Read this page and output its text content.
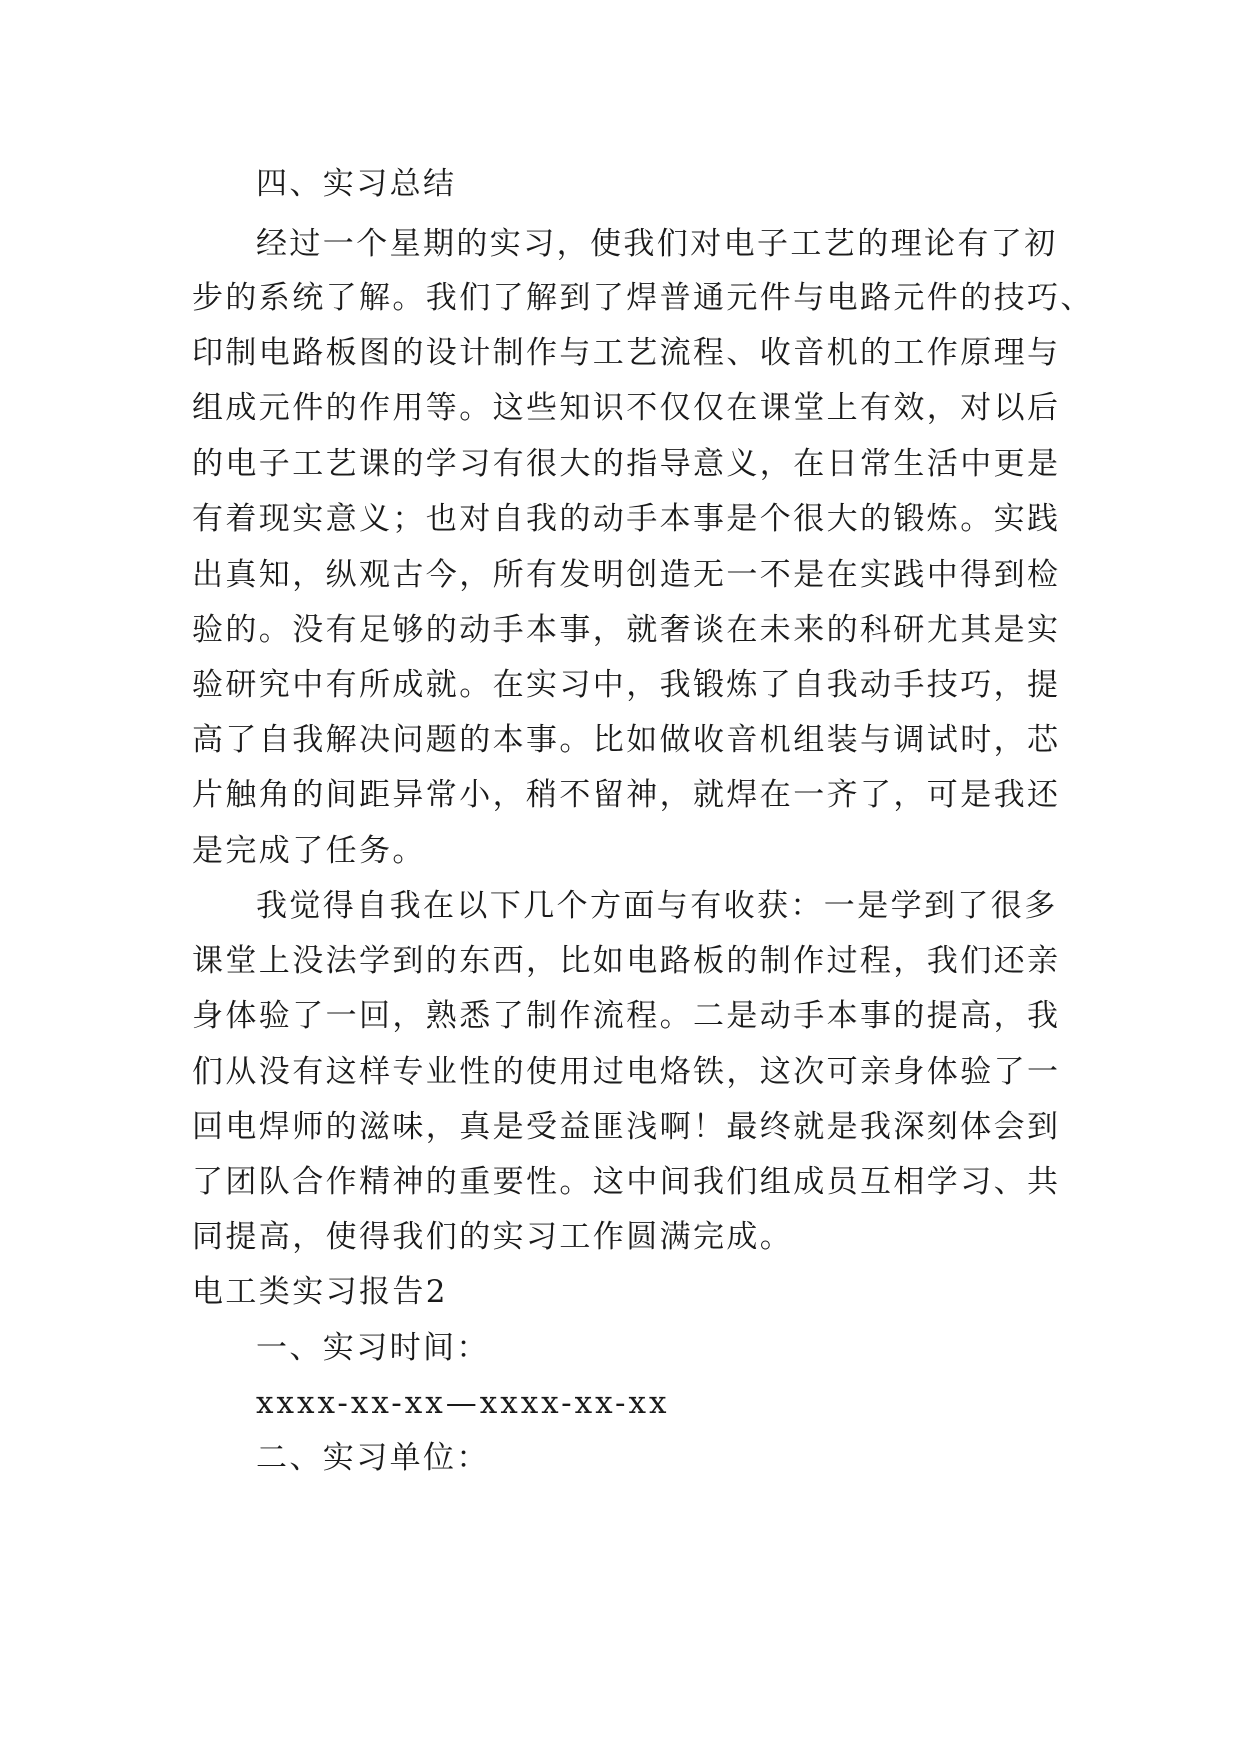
四、实习总结
经过一个星期的实习，使我们对电子工艺的理论有了初
步的系统了解。我们了解到了焊普通元件与电路元件的技巧、
印制电路板图的设计制作与工艺流程、收音机的工作原理与
组成元件的作用等。这些知识不仅仅在课堂上有效，对以后
的电子工艺课的学习有很大的指导意义，在日常生活中更是
有着现实意义；也对自我的动手本事是个很大的锻炼。实践
出真知，纵观古今，所有发明创造无一不是在实践中得到检
验的。没有足够的动手本事，就奢谈在未来的科研尤其是实
验研究中有所成就。在实习中，我锻炼了自我动手技巧，提
高了自我解决问题的本事。比如做收音机组装与调试时，芯
片触角的间距异常小，稍不留神，就焊在一齐了，可是我还
是完成了任务。
我觉得自我在以下几个方面与有收获：一是学到了很多
课堂上没法学到的东西，比如电路板的制作过程，我们还亲
身体验了一回，熟悉了制作流程。二是动手本事的提高，我
们从没有这样专业性的使用过电烙铁，这次可亲身体验了一
回电焊师的滋味，真是受益匪浅啊！最终就是我深刻体会到
了团队合作精神的重要性。这中间我们组成员互相学习、共
同提高，使得我们的实习工作圆满完成。
电工类实习报告2
一、实习时间：
xxxx-xx-xx—xxxx-xx-xx
二、实习单位：
